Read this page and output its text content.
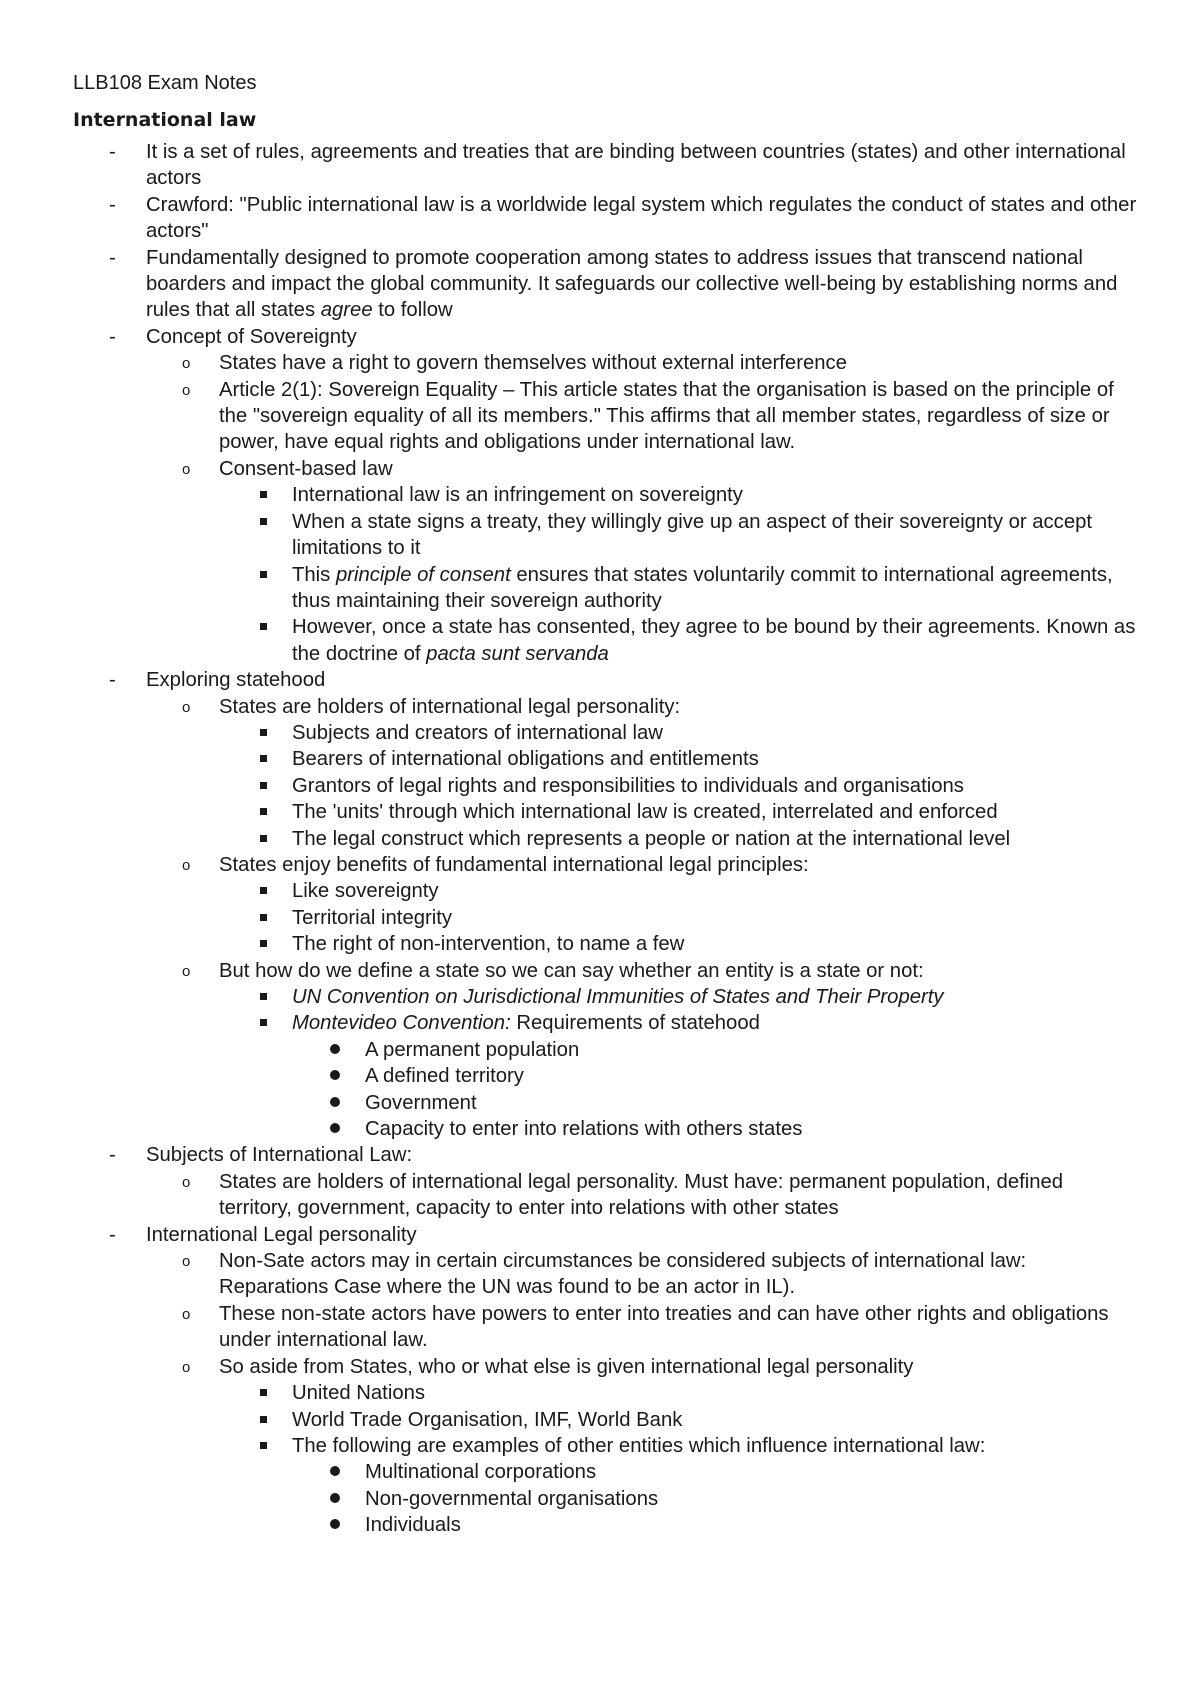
LLB108 Exam Notes
International law
- It is a set of rules, agreements and treaties that are binding between countries (states) and other international actors
- Crawford: "Public international law is a worldwide legal system which regulates the conduct of states and other actors"
- Fundamentally designed to promote cooperation among states to address issues that transcend national boarders and impact the global community. It safeguards our collective well-being by establishing norms and rules that all states agree to follow
- Concept of Sovereignty
o States have a right to govern themselves without external interference
o Article 2(1): Sovereign Equality – This article states that the organisation is based on the principle of the "sovereign equality of all its members." This affirms that all member states, regardless of size or power, have equal rights and obligations under international law.
o Consent-based law
International law is an infringement on sovereignty
When a state signs a treaty, they willingly give up an aspect of their sovereignty or accept limitations to it
This principle of consent ensures that states voluntarily commit to international agreements, thus maintaining their sovereign authority
However, once a state has consented, they agree to be bound by their agreements. Known as the doctrine of pacta sunt servanda
- Exploring statehood
o States are holders of international legal personality:
Subjects and creators of international law
Bearers of international obligations and entitlements
Grantors of legal rights and responsibilities to individuals and organisations
The 'units' through which international law is created, interrelated and enforced
The legal construct which represents a people or nation at the international level
o States enjoy benefits of fundamental international legal principles:
Like sovereignty
Territorial integrity
The right of non-intervention, to name a few
o But how do we define a state so we can say whether an entity is a state or not:
UN Convention on Jurisdictional Immunities of States and Their Property
Montevideo Convention: Requirements of statehood
A permanent population
A defined territory
Government
Capacity to enter into relations with others states
- Subjects of International Law:
o States are holders of international legal personality. Must have: permanent population, defined territory, government, capacity to enter into relations with other states
- International Legal personality
o Non-Sate actors may in certain circumstances be considered subjects of international law: Reparations Case where the UN was found to be an actor in IL).
o These non-state actors have powers to enter into treaties and can have other rights and obligations under international law.
o So aside from States, who or what else is given international legal personality
United Nations
World Trade Organisation, IMF, World Bank
The following are examples of other entities which influence international law:
Multinational corporations
Non-governmental organisations
Individuals
